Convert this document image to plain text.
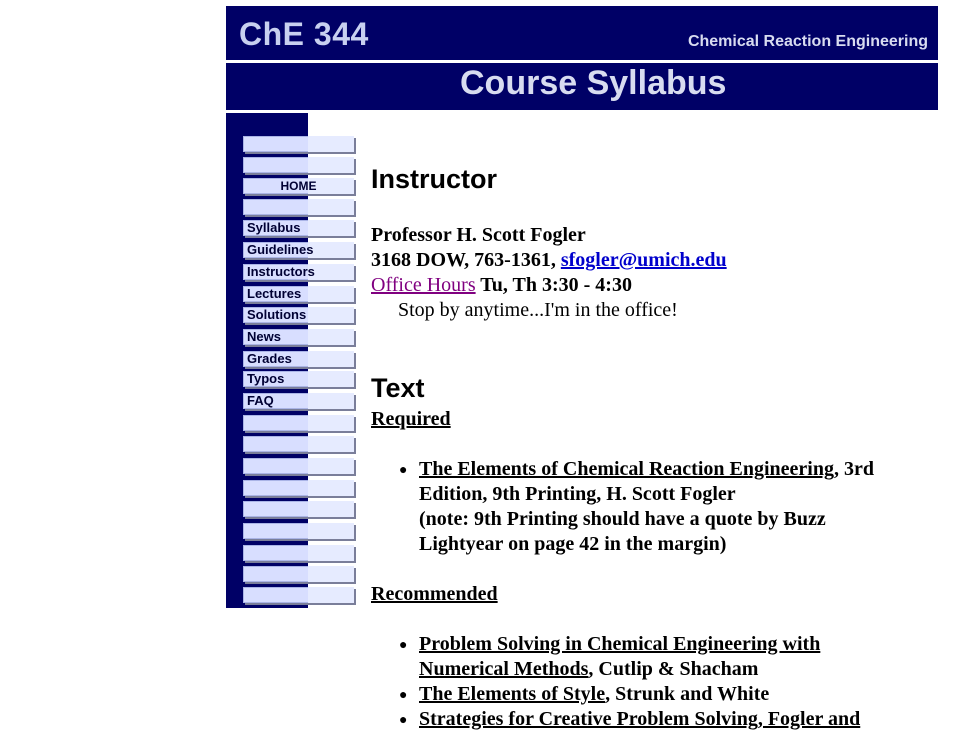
ChE 344	Chemical Reaction Engineering
Course Syllabus
HOME
Syllabus
Guidelines
Instructors
Lectures
Solutions
News
Grades
Typos
FAQ
Instructor
Professor H. Scott Fogler
3168 DOW, 763-1361, sfogler@umich.edu
Office Hours Tu, Th 3:30 - 4:30
Stop by anytime...I'm in the office!
Text
Required
● The Elements of Chemical Reaction Engineering, 3rd
Edition, 9th Printing, H. Scott Fogler
(note: 9th Printing should have a quote by Buzz
Lightyear on page 42 in the margin)
Recommended
● Problem Solving in Chemical Engineering with
Numerical Methods, Cutlip & Shacham
● The Elements of Style, Strunk and White
● Strategies for Creative Problem Solving, Fogler and
